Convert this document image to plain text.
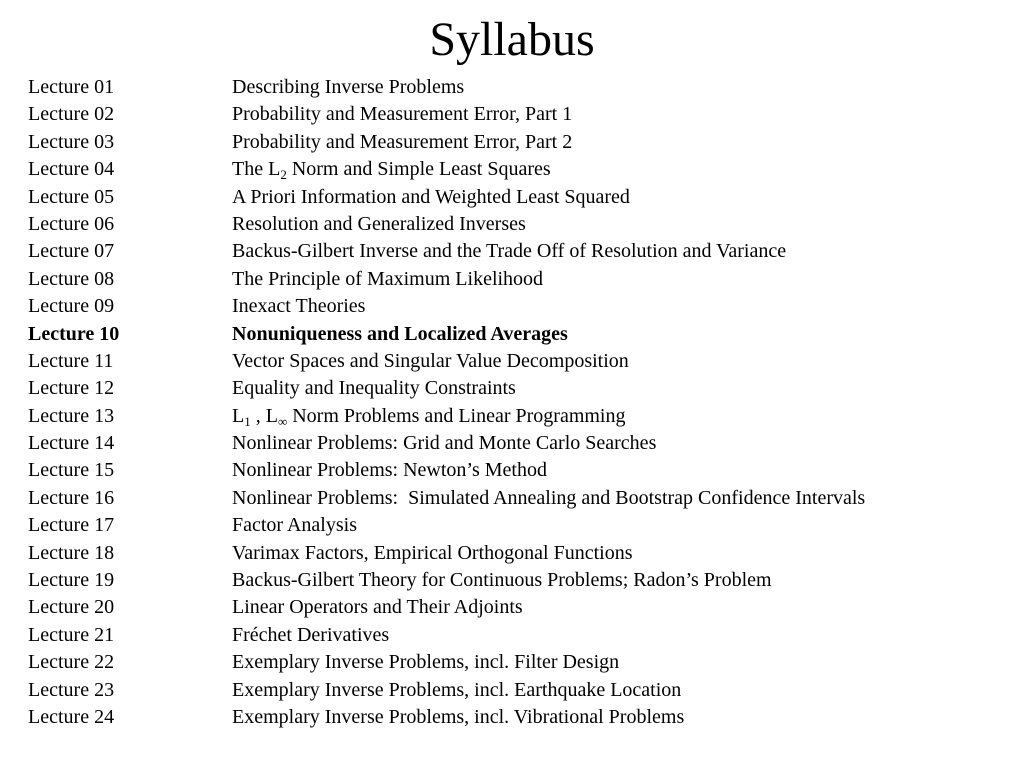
Syllabus
Lecture 01	Describing Inverse Problems
Lecture 02	Probability and Measurement Error, Part 1
Lecture 03	Probability and Measurement Error, Part 2
Lecture 04	The $L_2$ Norm and Simple Least Squares
Lecture 05	A Priori Information and Weighted Least Squared
Lecture 06	Resolution and Generalized Inverses
Lecture 07	Backus-Gilbert Inverse and the Trade Off of Resolution and Variance
Lecture 08	The Principle of Maximum Likelihood
Lecture 09	Inexact Theories
Lecture 10	Nonuniqueness and Localized Averages
Lecture 11	Vector Spaces and Singular Value Decomposition
Lecture 12	Equality and Inequality Constraints
Lecture 13	$L_1$ , $L_\infty$ Norm Problems and Linear Programming
Lecture 14	Nonlinear Problems: Grid and Monte Carlo Searches
Lecture 15	Nonlinear Problems: Newton’s Method
Lecture 16	Nonlinear Problems:  Simulated Annealing and Bootstrap Confidence Intervals
Lecture 17	Factor Analysis
Lecture 18	Varimax Factors, Empirical Orthogonal Functions
Lecture 19	Backus-Gilbert Theory for Continuous Problems; Radon’s Problem
Lecture 20	Linear Operators and Their Adjoints
Lecture 21	Fréchet Derivatives
Lecture 22	Exemplary Inverse Problems, incl. Filter Design
Lecture 23	Exemplary Inverse Problems, incl. Earthquake Location
Lecture 24	Exemplary Inverse Problems, incl. Vibrational Problems
